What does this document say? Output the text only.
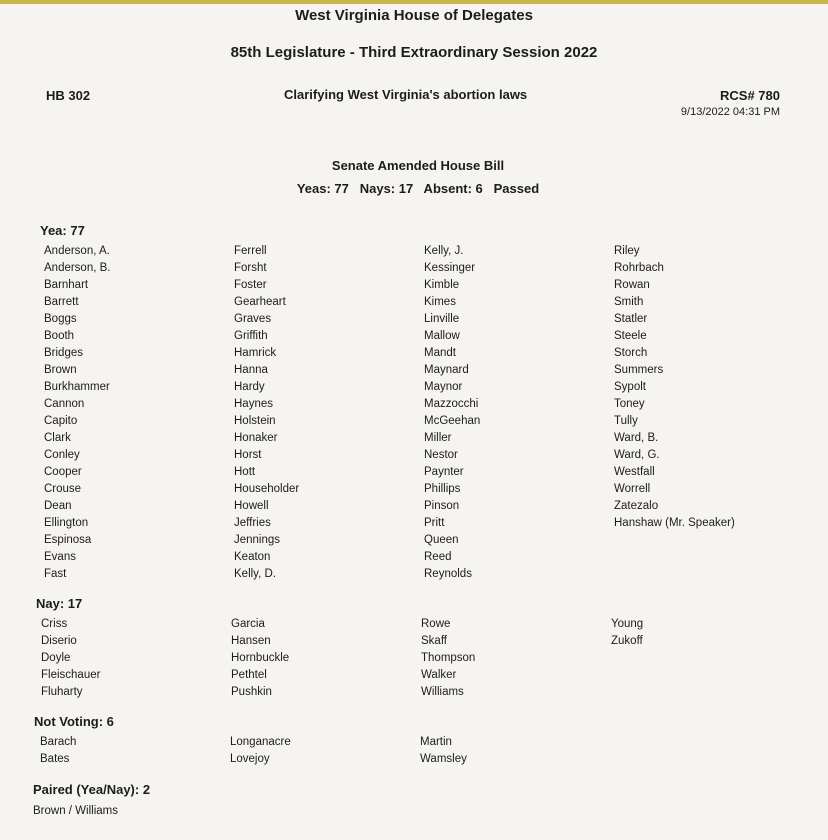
West Virginia House of Delegates
85th Legislature - Third Extraordinary Session 2022
HB 302	Clarifying West Virginia's abortion laws	RCS# 780
9/13/2022 04:31 PM
Senate Amended House Bill
Yeas: 77   Nays: 17   Absent: 6   Passed
Yea: 77
Anderson, A.
Anderson, B.
Barnhart
Barrett
Boggs
Booth
Bridges
Brown
Burkhammer
Cannon
Capito
Clark
Conley
Cooper
Crouse
Dean
Ellington
Espinosa
Evans
Fast
Ferrell
Forsht
Foster
Gearheart
Graves
Griffith
Hamrick
Hanna
Hardy
Haynes
Holstein
Honaker
Horst
Hott
Householder
Howell
Jeffries
Jennings
Keaton
Kelly, D.
Kelly, J.
Kessinger
Kimble
Kimes
Linville
Mallow
Mandt
Maynard
Maynor
Mazzocchi
McGeehan
Miller
Nestor
Paynter
Phillips
Pinson
Pritt
Queen
Reed
Reynolds
Riley
Rohrbach
Rowan
Smith
Statler
Steele
Storch
Summers
Sypolt
Toney
Tully
Ward, B.
Ward, G.
Westfall
Worrell
Zatezalo
Hanshaw (Mr. Speaker)
Nay: 17
Criss
Diserio
Doyle
Fleischauer
Fluharty
Garcia
Hansen
Hornbuckle
Pethtel
Pushkin
Rowe
Skaff
Thompson
Walker
Williams
Young
Zukoff
Not Voting: 6
Barach
Bates
Longanacre
Lovejoy
Martin
Wamsley
Paired (Yea/Nay): 2
Brown / Williams
